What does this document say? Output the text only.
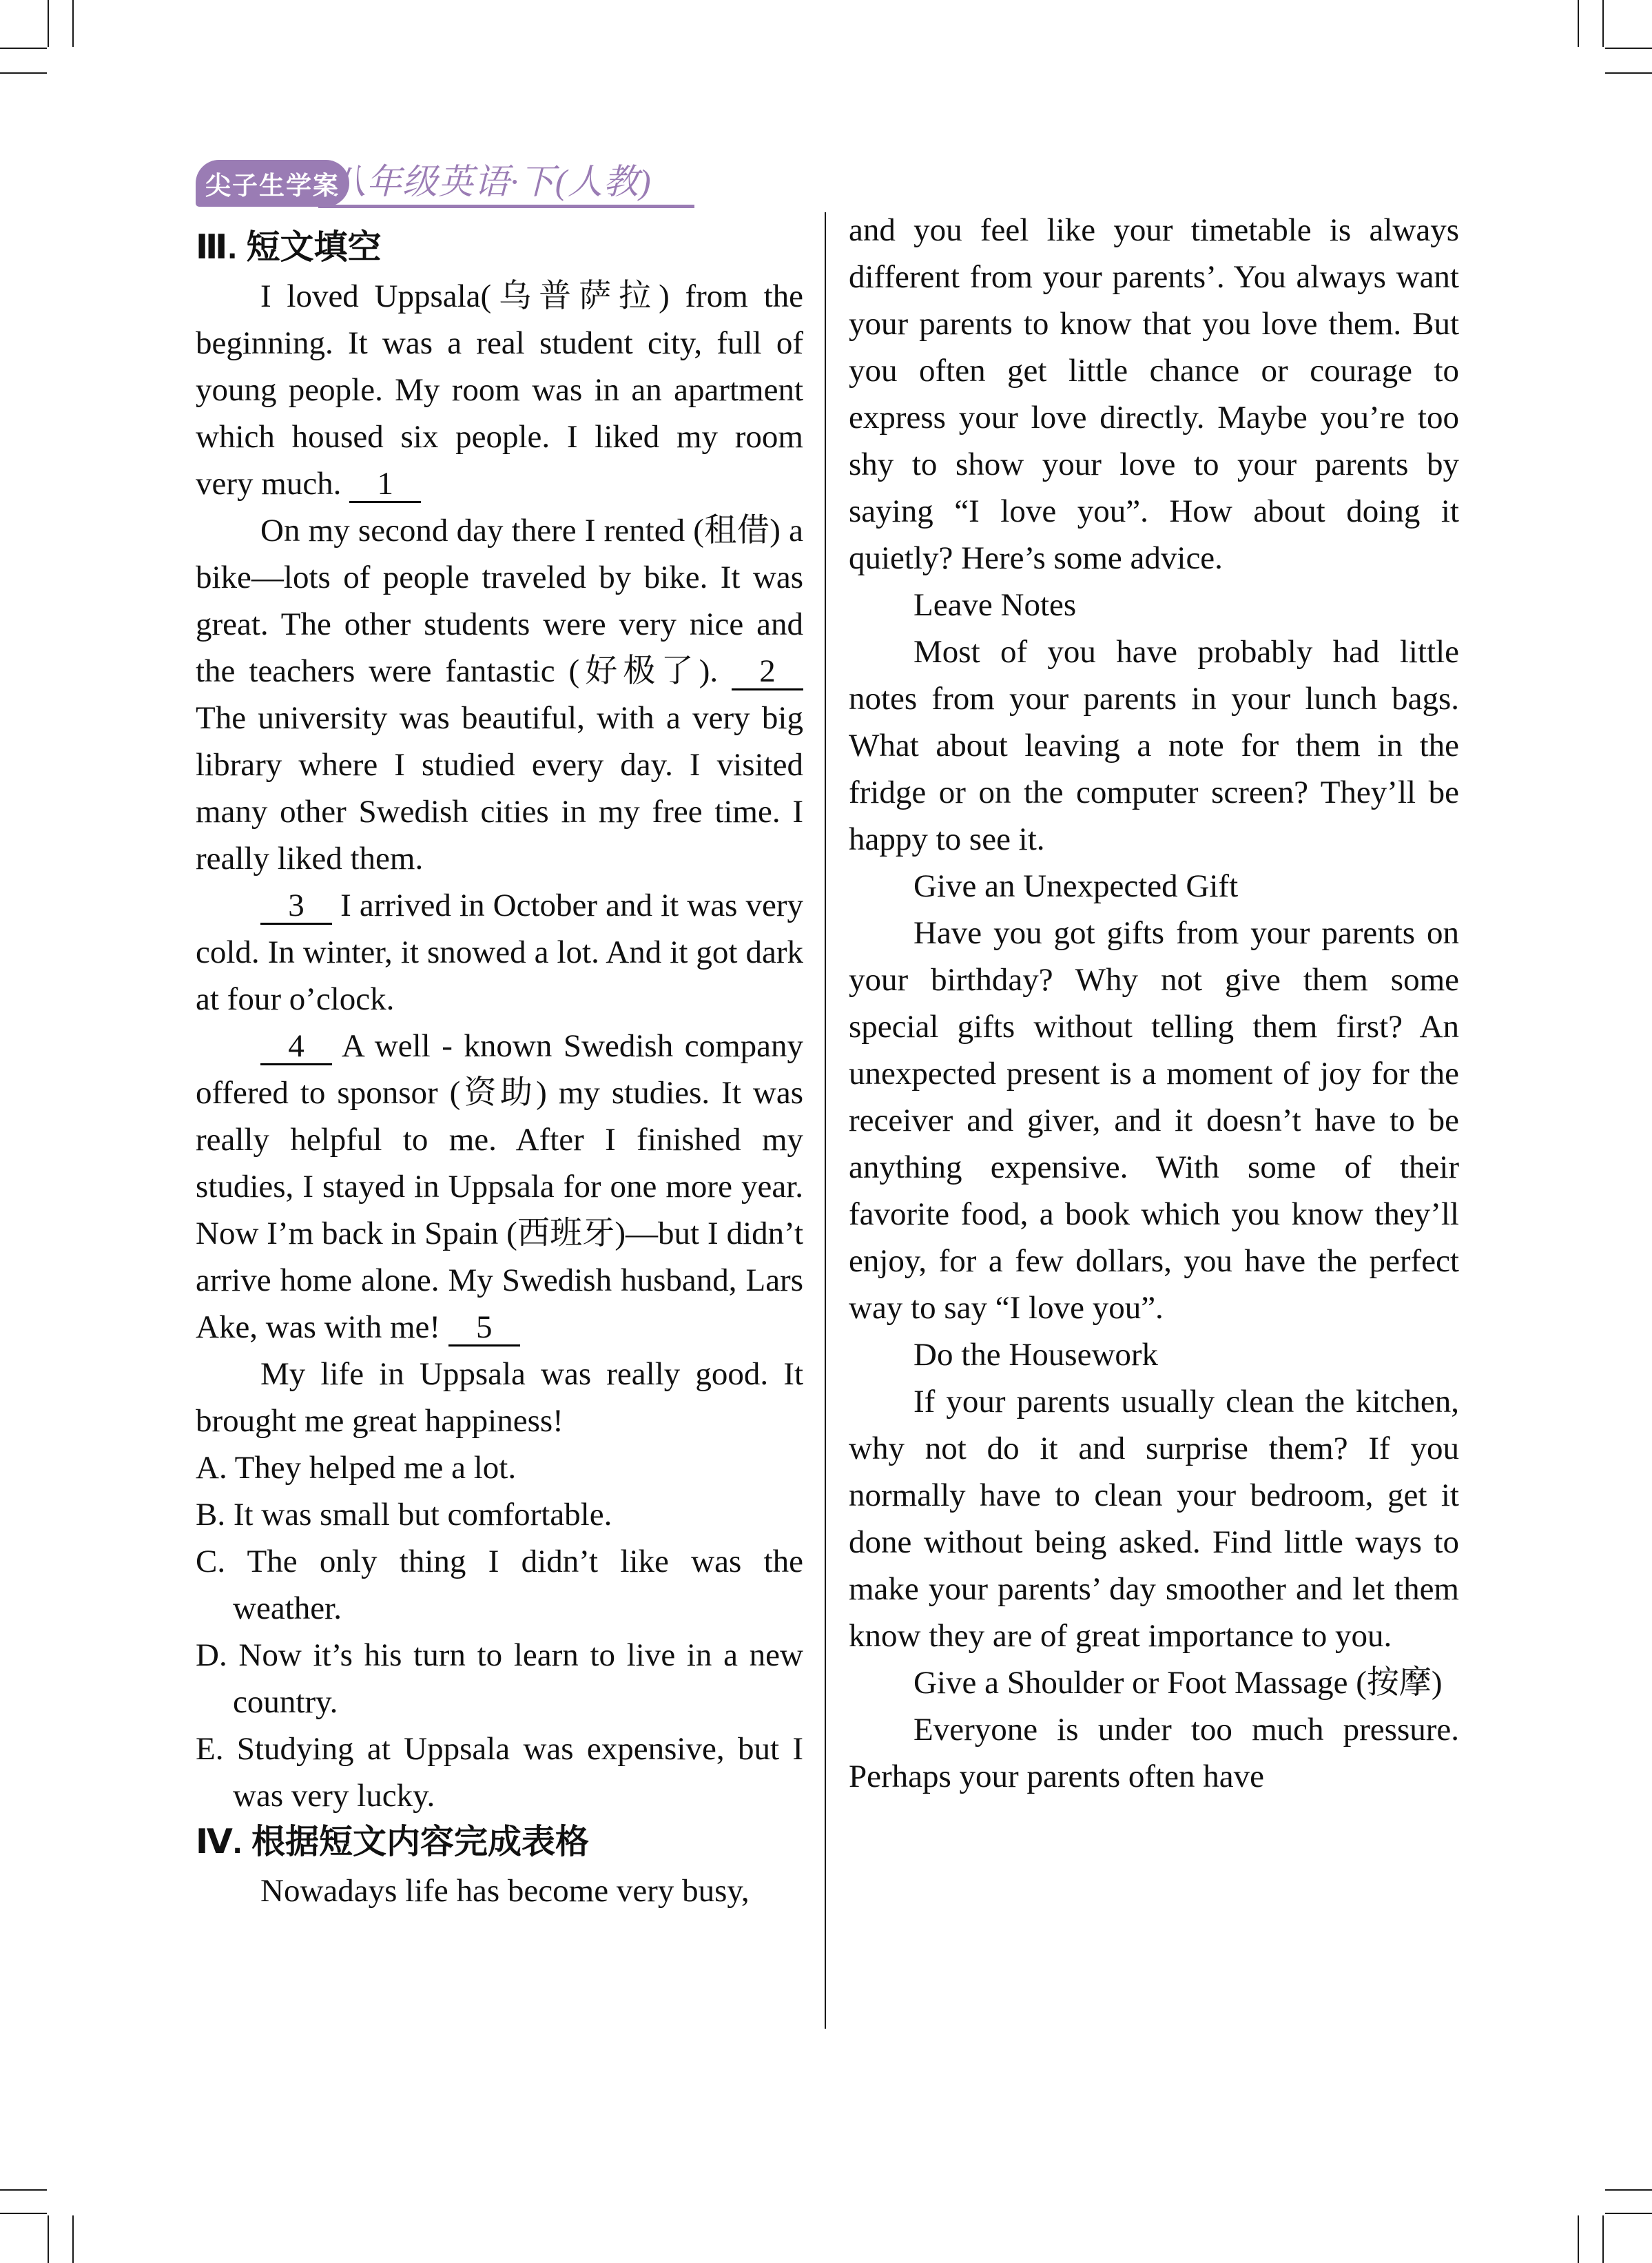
尖子生学案
八年级英语·下(人教)
Ⅲ. 短文填空

I loved Uppsala(乌普萨拉) from the beginning. It was a real student city, full of young people. My room was in an apartment which housed six people. I liked my room very much. 1

On my second day there I rented (租借) a bike—lots of people traveled by bike. It was great. The other students were very nice and the teachers were fantastic (好极了). 2 The university was beautiful, with a very big library where I studied every day. I visited many other Swedish cities in my free time. I really liked them.

3 I arrived in October and it was very cold. In winter, it snowed a lot. And it got dark at four o’clock.

4 A well - known Swedish company offered to sponsor (资助) my studies. It was really helpful to me. After I finished my studies, I stayed in Uppsala for one more year. Now I’m back in Spain (西班牙)—but I didn’t arrive home alone. My Swedish husband, Lars Ake, was with me! 5

My life in Uppsala was really good. It brought me great happiness!

A. They helped me a lot.

B. It was small but comfortable.

C. The only thing I didn’t like was the weather.

D. Now it’s his turn to learn to live in a new country.

E. Studying at Uppsala was expensive, but I was very lucky.

Ⅳ. 根据短文内容完成表格

Nowadays life has become very busy,

and you feel like your timetable is always different from your parents’. You always want your parents to know that you love them. But you often get little chance or courage to express your love directly. Maybe you’re too shy to show your love to your parents by saying “I love you”. How about doing it quietly? Here’s some advice.

Leave Notes

Most of you have probably had little notes from your parents in your lunch bags. What about leaving a note for them in the fridge or on the computer screen? They’ll be happy to see it.

Give an Unexpected Gift

Have you got gifts from your parents on your birthday? Why not give them some special gifts without telling them first? An unexpected present is a moment of joy for the receiver and giver, and it doesn’t have to be anything expensive. With some of their favorite food, a book which you know they’ll enjoy, for a few dollars, you have the perfect way to say “I love you”.

Do the Housework

If your parents usually clean the kitchen, why not do it and surprise them? If you normally have to clean your bedroom, get it done without being asked. Find little ways to make your parents’ day smoother and let them know they are of great importance to you.

Give a Shoulder or Foot Massage (按摩)

Everyone is under too much pressure. Perhaps your parents often have
